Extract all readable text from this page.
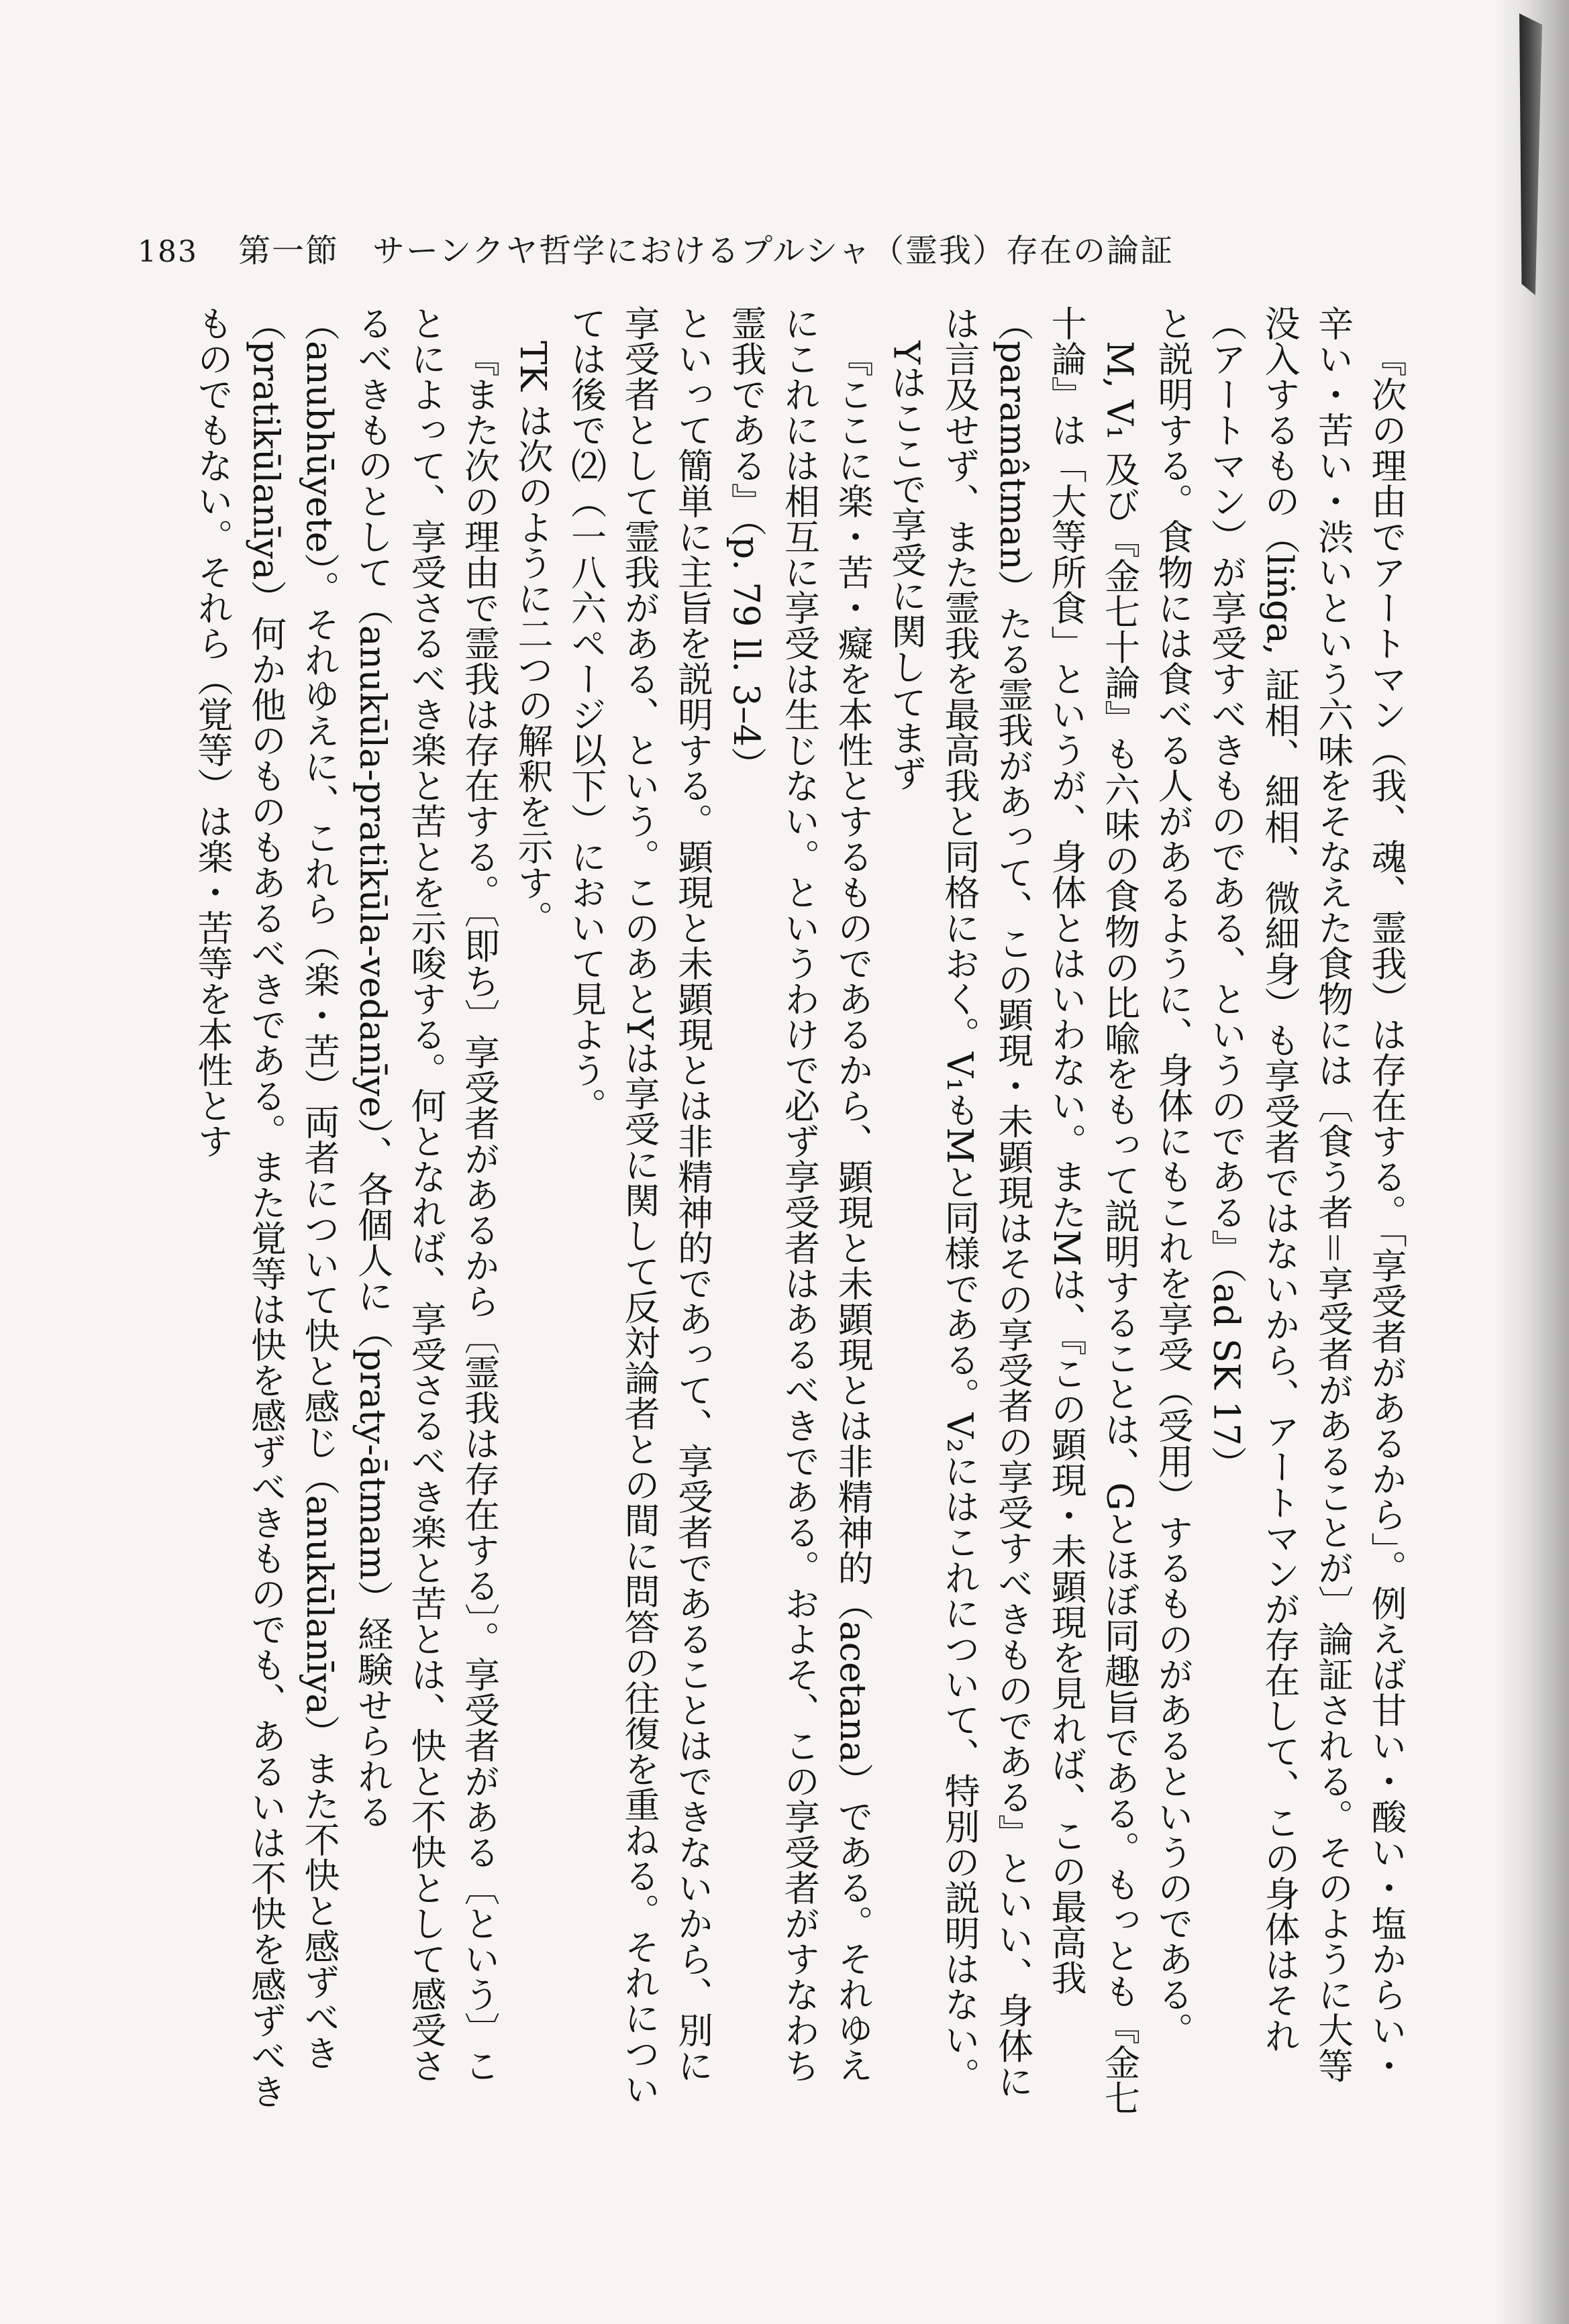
183 第一節　サーンクヤ哲学におけるプルシャ（霊我）存在の論証

『次の理由でアートマン（我、魂、霊我）は存在する。「享受者があるから」。例えば甘い・酸い・塩からい・辛い・苦い・渋いという六味をそなえた食物には〔食う者＝享受者があることが〕論証される。そのように大等没入するもの（liṅga, 証相、細相、微細身）も享受者ではないから、アートマンが存在して、この身体はそれ（アートマン）が享受すべきものである、というのである』（ad SK 17）

と説明する。食物には食べる人があるように、身体にもこれを享受（受用）するものがあるというのである。

M, V₁ 及び『金七十論』も六味の食物の比喩をもって説明することは、Gとほぼ同趣旨である。もっとも『金七十論』は「大等所食」というが、身体とはいわない。またMは、『この顕現・未顕現を見れば、この最高我（paramâtman）たる霊我があって、この顕現・未顕現はその享受者の享受すべきものである』といい、身体には言及せず、また霊我を最高我と同格におく。V₁もMと同様である。V₂にはこれについて、特別の説明はない。

Yはここで享受に関してまず

『ここに楽・苦・癡を本性とするものであるから、顕現と未顕現とは非精神的（acetana）である。それゆえにこれには相互に享受は生じない。というわけで必ず享受者はあるべきである。およそ、この享受者がすなわち霊我である』（p. 79 ll. 3–4）

といって簡単に主旨を説明する。顕現と未顕現とは非精神的であって、享受者であることはできないから、別に享受者として霊我がある、という。このあとYは享受に関して反対論者との間に問答の往復を重ねる。それについては後で⑵（一八六ページ以下）において見よう。

TK は次のように二つの解釈を示す。

『また次の理由で霊我は存在する。〔即ち〕享受者があるから〔霊我は存在する〕。享受者がある〔という〕ことによって、享受さるべき楽と苦とを示唆する。何となれば、享受さるべき楽と苦とは、快と不快として感受さるべきものとして（anukūla-pratikūla-vedanīye）、各個人に（praty-ātmam）経験せられる（anubhūyete）。それゆえに、これら（楽・苦）両者について快と感じ（anukūlanīya）また不快と感ずべき（pratikūlanīya）何か他のものもあるべきである。また覚等は快を感ずべきものでも、あるいは不快を感ずべきものでもない。それら（覚等）は楽・苦等を本性とす
